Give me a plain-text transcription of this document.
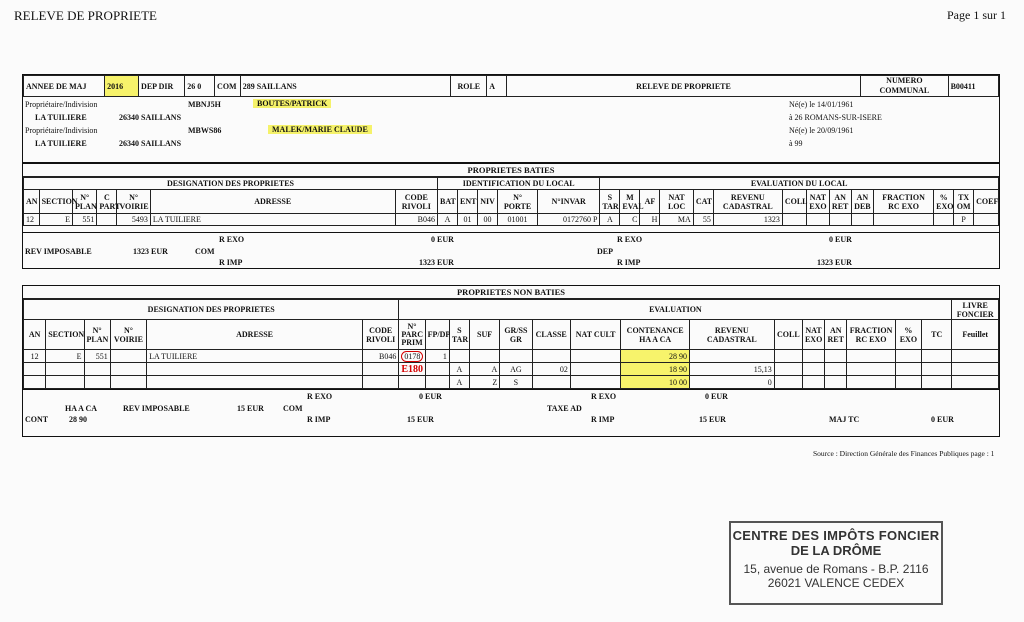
RELEVE DE PROPRIETE	Page 1 sur 1
ANNEE DE MAJ	2016	DEP DIR	26 0	COM	289 SAILLANS	ROLE	A	RELEVE DE PROPRIETE	NUMERO COMMUNAL	B00411
Propriétaire/Indivision	MBNJ5H	BOUTES/PATRICK	Né(e) le 14/01/1961
LA TUILIERE	26340 SAILLANS	à 26 ROMANS-SUR-ISERE
Propriétaire/Indivision	MBWS86	MALEK/MARIE CLAUDE	Né(e) le 20/09/1961
LA TUILIERE	26340 SAILLANS	à 99
PROPRIETES BATIES
DESIGNATION DES PROPRIETES							IDENTIFICATION DU LOCAL					EVALUATION DU LOCAL													
AN	SECTION	N° PLAN	C PART	N° VOIRIE	ADRESSE	CODE RIVOLI	BAT	ENT	NIV	N° PORTE	N°INVAR	S TAR	M EVAL	AF	NAT LOC	CAT	REVENU CADASTRAL	COLL	NAT EXO	AN RET	AN DEB	FRACTION RC EXO	% EXO	TX OM	COEF
12	E	551		5493	LA TUILIERE	B046	A	01	00	01001	0172760 P	A	C	H	MA	55	1323							P	
R EXO	0 EUR	R EXO	0 EUR
REV IMPOSABLE	1323 EUR	COM	DEP
R IMP	1323 EUR	R IMP	1323 EUR
PROPRIETES NON BATIES
DESIGNATION DES PROPRIETES						EVALUATION															LIVRE FONCIER
AN	SECTION	N° PLAN	N° VOIRIE	ADRESSE	CODE RIVOLI	N° PARC PRIM	FP/DP	S TAR	SUF	GR/SS GR	CLASSE	NAT CULT	CONTENANCE HA A CA	REVENU CADASTRAL	COLL	NAT EXO	AN RET	FRACTION RC EXO	% EXO	TC	Feuillet
12	E	551		LA TUILIERE	B046	0178	1						28 90								
						E180		A	A	AG	02		18 90	15,13							
								A	Z	S			10 00	0							
R EXO	0 EUR	R EXO	0 EUR
HA A CA	REV IMPOSABLE	15 EUR COM	TAXE AD
CONT	28 90	R IMP	15 EUR	R IMP	15 EUR	MAJ TC	0 EUR
Source : Direction Générale des Finances Publiques page : 1
CENTRE DES IMPÔTS FONCIER
DE LA DRÔME
15, avenue de Romans - B.P. 2116
26021 VALENCE CEDEX
